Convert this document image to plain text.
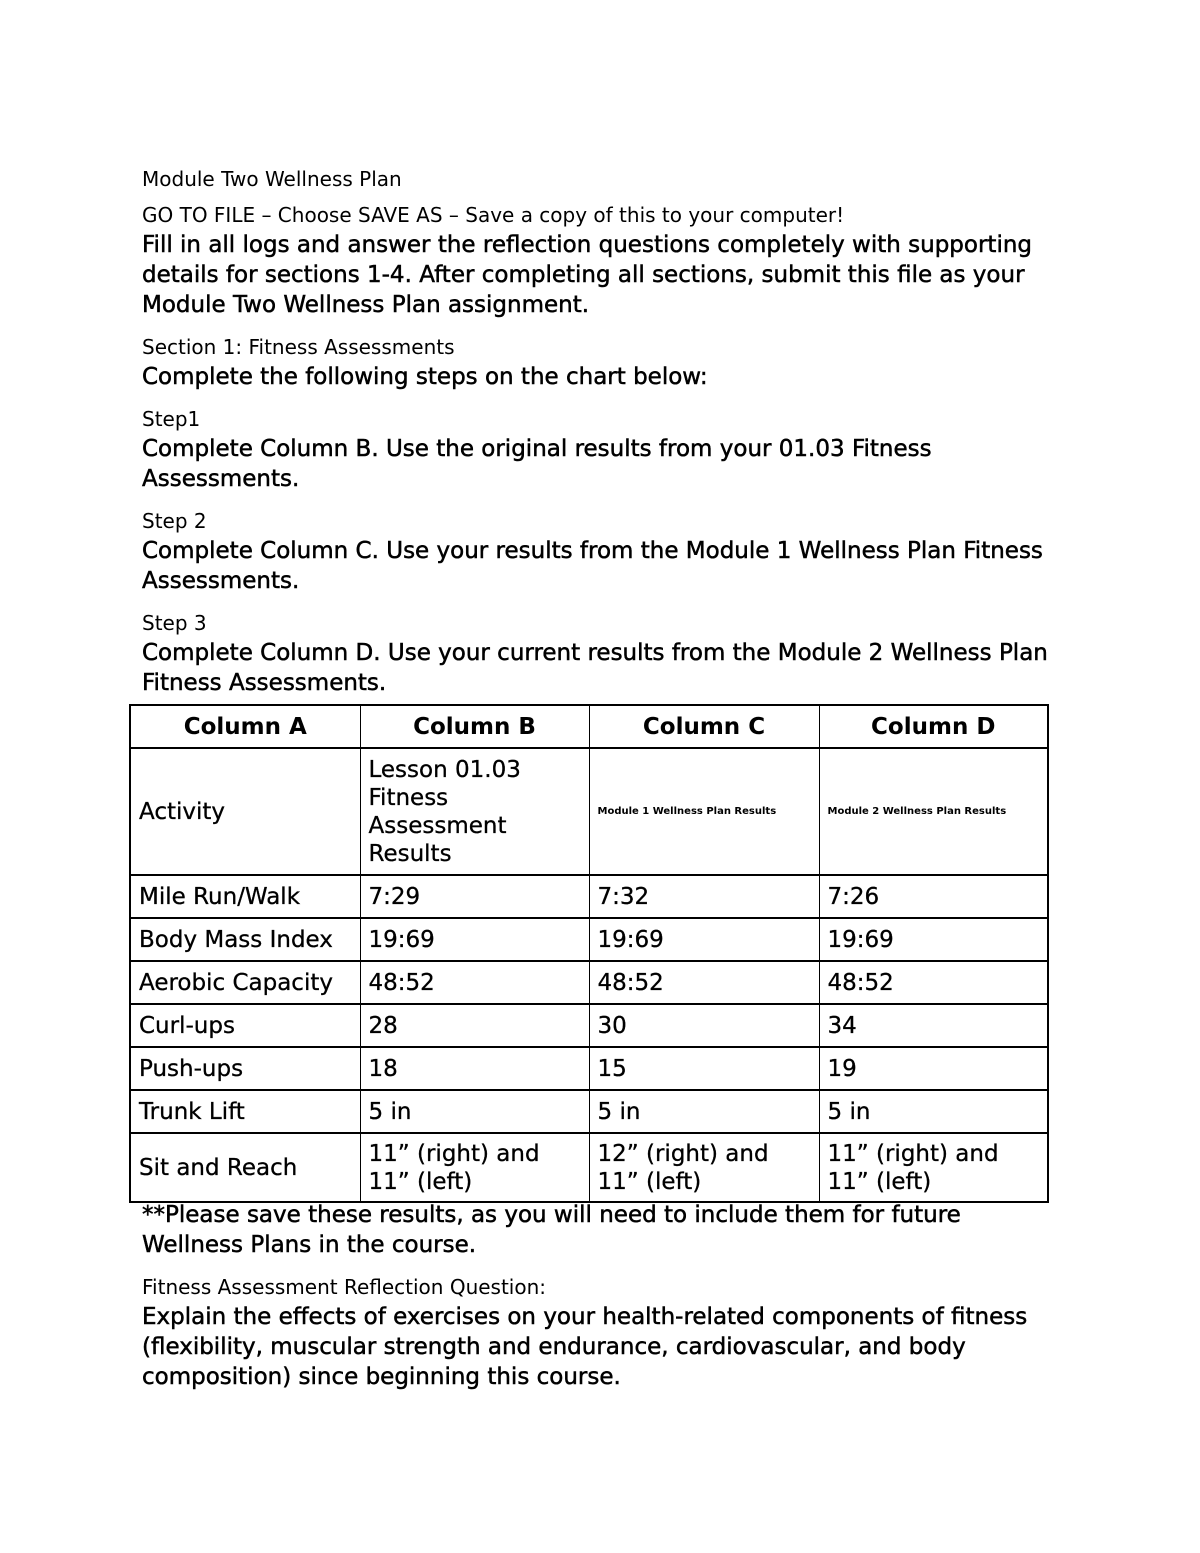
Module Two Wellness Plan

GO TO FILE – Choose SAVE AS – Save a copy of this to your computer!

Fill in all logs and answer the reflection questions completely with supporting details for sections 1-4. After completing all sections, submit this file as your Module Two Wellness Plan assignment.

Section 1: Fitness Assessments

Complete the following steps on the chart below:

Step1

Complete Column B. Use the original results from your 01.03 Fitness Assessments.

Step 2

Complete Column C. Use your results from the Module 1 Wellness Plan Fitness Assessments.

Step 3

Complete Column D. Use your current results from the Module 2 Wellness Plan Fitness Assessments.

Column A	Column B	Column C	Column D
Activity	Lesson 01.03 Fitness Assessment Results	Module 1 Wellness Plan Results	Module 2 Wellness Plan Results
Mile Run/Walk	7:29	7:32	7:26
Body Mass Index	19:69	19:69	19:69
Aerobic Capacity	48:52	48:52	48:52
Curl-ups	28	30	34
Push-ups	18	15	19
Trunk Lift	5 in	5 in	5 in
Sit and Reach	11” (right) and 11” (left)	12” (right) and 11” (left)	11” (right) and 11” (left)

**Please save these results, as you will need to include them for future Wellness Plans in the course.

Fitness Assessment Reflection Question:

Explain the effects of exercises on your health-related components of fitness (flexibility, muscular strength and endurance, cardiovascular, and body composition) since beginning this course.
